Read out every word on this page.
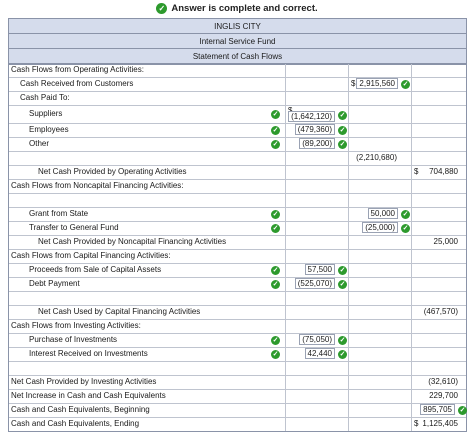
✓ Answer is complete and correct.
INGLIS CITY
Internal Service Fund
Statement of Cash Flows
Cash Flows from Operating Activities:
Cash Received from Customers	$ 2,915,560	✓
Cash Paid To:
Suppliers	✓	(1,642,120)	✓
Employees	✓	(479,360)	✓
Other	✓	(89,200)	✓
(2,210,680)
Net Cash Provided by Operating Activities	$ 704,880
Cash Flows from Noncapital Financing Activities:
Grant from State	✓	50,000	✓
Transfer to General Fund	✓	(25,000)	✓
Net Cash Provided by Noncapital Financing Activities	25,000
Cash Flows from Capital Financing Activities:
Proceeds from Sale of Capital Assets	✓	57,500	✓
Debt Payment	✓	(525,070)	✓
Net Cash Used by Capital Financing Activities	(467,570)
Cash Flows from Investing Activities:
Purchase of Investments	✓	(75,050)	✓
Interest Received on Investments	✓	42,440	✓
Net Cash Provided by Investing Activities	(32,610)
Net Increase in Cash and Cash Equivalents	229,700
Cash and Cash Equivalents, Beginning	895,705	✓
Cash and Cash Equivalents, Ending	$ 1,125,405
